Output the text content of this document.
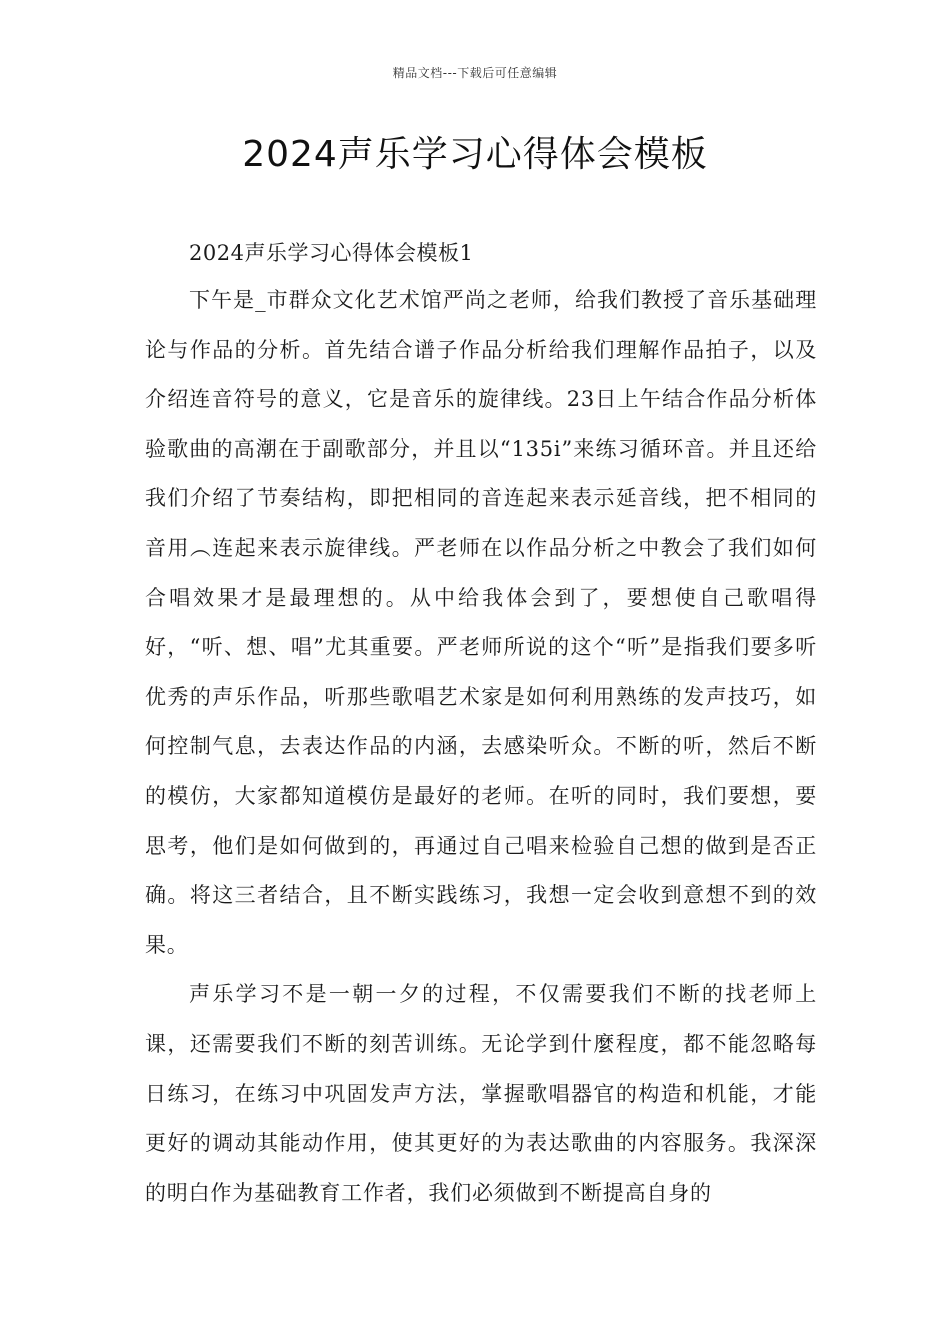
精品文档---下载后可任意编辑
2024声乐学习心得体会模板

2024声乐学习心得体会模板1

下午是_市群众文化艺术馆严尚之老师，给我们教授了音乐基础理论与作品的分析。首先结合谱子作品分析给我们理解作品拍子，以及介绍连音符号的意义，它是音乐的旋律线。23日上午结合作品分析体验歌曲的高潮在于副歌部分，并且以“135i”来练习循环音。并且还给我们介绍了节奏结构，即把相同的音连起来表示延音线，把不相同的音用︵连起来表示旋律线。严老师在以作品分析之中教会了我们如何合唱效果才是最理想的。从中给我体会到了，要想使自己歌唱得好，“听、想、唱”尤其重要。严老师所说的这个“听”是指我们要多听优秀的声乐作品，听那些歌唱艺术家是如何利用熟练的发声技巧，如何控制气息，去表达作品的内涵，去感染听众。不断的听，然后不断的模仿，大家都知道模仿是最好的老师。在听的同时，我们要想，要思考，他们是如何做到的，再通过自己唱来检验自己想的做到是否正确。将这三者结合，且不断实践练习，我想一定会收到意想不到的效果。

声乐学习不是一朝一夕的过程，不仅需要我们不断的找老师上课，还需要我们不断的刻苦训练。无论学到什麼程度，都不能忽略每日练习，在练习中巩固发声方法，掌握歌唱器官的构造和机能，才能更好的调动其能动作用，使其更好的为表达歌曲的内容服务。我深深的明白作为基础教育工作者，我们必须做到不断提高自身的
